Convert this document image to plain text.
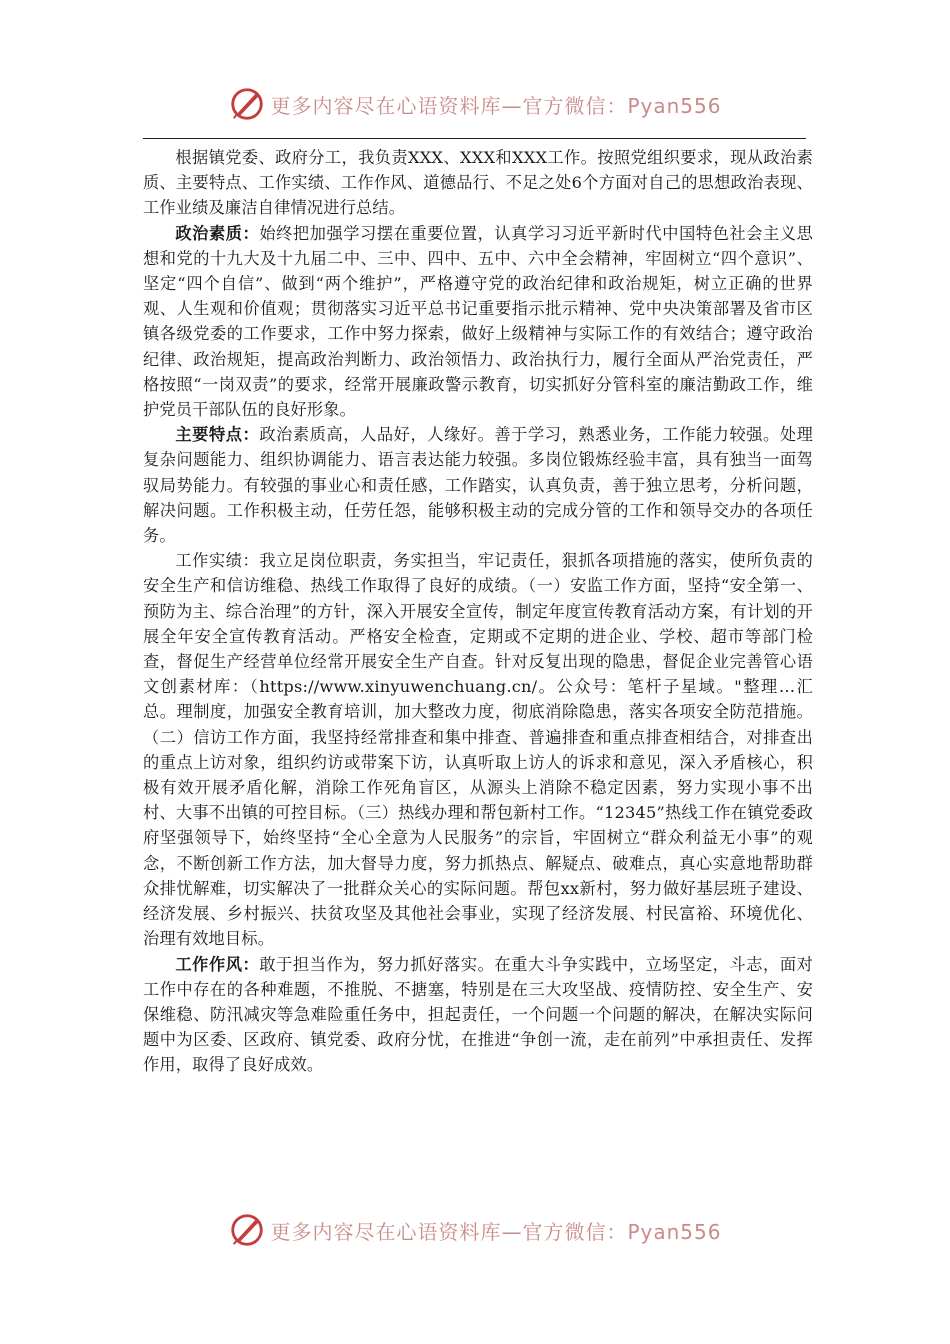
更多内容尽在心语资料库—官方微信：Pyan556

根据镇党委、政府分工，我负责XXX、XXX和XXX工作。按照党组织要求，现从政治素质、主要特点、工作实绩、工作作风、道德品行、不足之处6个方面对自己的思想政治表现、工作业绩及廉洁自律情况进行总结。

政治素质：始终把加强学习摆在重要位置，认真学习习近平新时代中国特色社会主义思想和党的十九大及十九届二中、三中、四中、五中、六中全会精神，牢固树立“四个意识”、坚定“四个自信”、做到“两个维护”，严格遵守党的政治纪律和政治规矩，树立正确的世界观、人生观和价值观；贯彻落实习近平总书记重要指示批示精神、党中央决策部署及省市区镇各级党委的工作要求，工作中努力探索，做好上级精神与实际工作的有效结合；遵守政治纪律、政治规矩，提高政治判断力、政治领悟力、政治执行力，履行全面从严治党责任，严格按照“一岗双责”的要求，经常开展廉政警示教育，切实抓好分管科室的廉洁勤政工作，维护党员干部队伍的良好形象。

主要特点：政治素质高，人品好，人缘好。善于学习，熟悉业务，工作能力较强。处理复杂问题能力、组织协调能力、语言表达能力较强。多岗位锻炼经验丰富，具有独当一面驾驭局势能力。有较强的事业心和责任感，工作踏实，认真负责，善于独立思考，分析问题，解决问题。工作积极主动，任劳任怨，能够积极主动的完成分管的工作和领导交办的各项任务。

工作实绩：我立足岗位职责，务实担当，牢记责任，狠抓各项措施的落实，使所负责的安全生产和信访维稳、热线工作取得了良好的成绩。（一）安监工作方面，坚持“安全第一、预防为主、综合治理”的方针，深入开展安全宣传，制定年度宣传教育活动方案，有计划的开展全年安全宣传教育活动。严格安全检查，定期或不定期的进企业、学校、超市等部门检查，督促生产经营单位经常开展安全生产自查。针对反复出现的隐患，督促企业完善管心语文创素材库：（https://www.xinyuwenchuang.cn/。公众号：笔杆子星域。"整理…汇总。理制度，加强安全教育培训，加大整改力度，彻底消除隐患，落实各项安全防范措施。（二）信访工作方面，我坚持经常排查和集中排查、普遍排查和重点排查相结合，对排查出的重点上访对象，组织约访或带案下访，认真听取上访人的诉求和意见，深入矛盾核心，积极有效开展矛盾化解，消除工作死角盲区，从源头上消除不稳定因素，努力实现小事不出村、大事不出镇的可控目标。（三）热线办理和帮包新村工作。“12345”热线工作在镇党委政府坚强领导下，始终坚持“全心全意为人民服务”的宗旨，牢固树立“群众利益无小事”的观念，不断创新工作方法，加大督导力度，努力抓热点、解疑点、破难点，真心实意地帮助群众排忧解难，切实解决了一批群众关心的实际问题。帮包xx新村，努力做好基层班子建设、经济发展、乡村振兴、扶贫攻坚及其他社会事业，实现了经济发展、村民富裕、环境优化、治理有效地目标。

工作作风：敢于担当作为，努力抓好落实。在重大斗争实践中，立场坚定，斗志，面对工作中存在的各种难题，不推脱、不搪塞，特别是在三大攻坚战、疫情防控、安全生产、安保维稳、防汛减灾等急难险重任务中，担起责任，一个问题一个问题的解决，在解决实际问题中为区委、区政府、镇党委、政府分忧，在推进“争创一流，走在前列”中承担责任、发挥作用，取得了良好成效。

更多内容尽在心语资料库—官方微信：Pyan556
